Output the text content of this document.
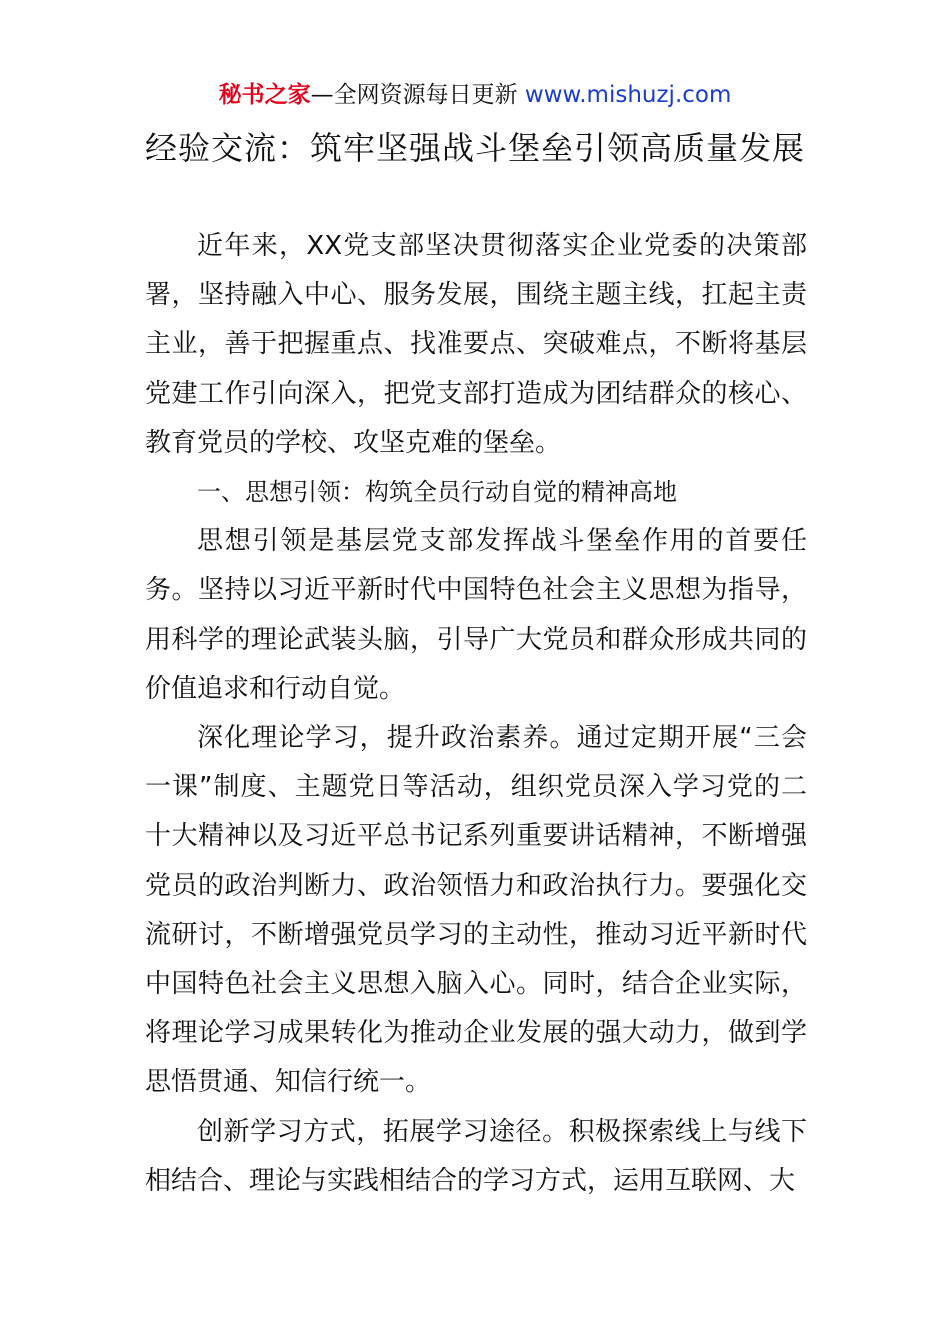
秘书之家—全网资源每日更新 www.mishuzj.com
经验交流：筑牢坚强战斗堡垒引领高质量发展

近年来，XX党支部坚决贯彻落实企业党委的决策部署，坚持融入中心、服务发展，围绕主题主线，扛起主责主业，善于把握重点、找准要点、突破难点，不断将基层党建工作引向深入，把党支部打造成为团结群众的核心、教育党员的学校、攻坚克难的堡垒。

一、思想引领：构筑全员行动自觉的精神高地

思想引领是基层党支部发挥战斗堡垒作用的首要任务。坚持以习近平新时代中国特色社会主义思想为指导，用科学的理论武装头脑，引导广大党员和群众形成共同的价值追求和行动自觉。

深化理论学习，提升政治素养。通过定期开展“三会一课”制度、主题党日等活动，组织党员深入学习党的二十大精神以及习近平总书记系列重要讲话精神，不断增强党员的政治判断力、政治领悟力和政治执行力。要强化交流研讨，不断增强党员学习的主动性，推动习近平新时代中国特色社会主义思想入脑入心。同时，结合企业实际，将理论学习成果转化为推动企业发展的强大动力，做到学思悟贯通、知信行统一。

创新学习方式，拓展学习途径。积极探索线上与线下相结合、理论与实践相结合的学习方式，运用互联网、大
